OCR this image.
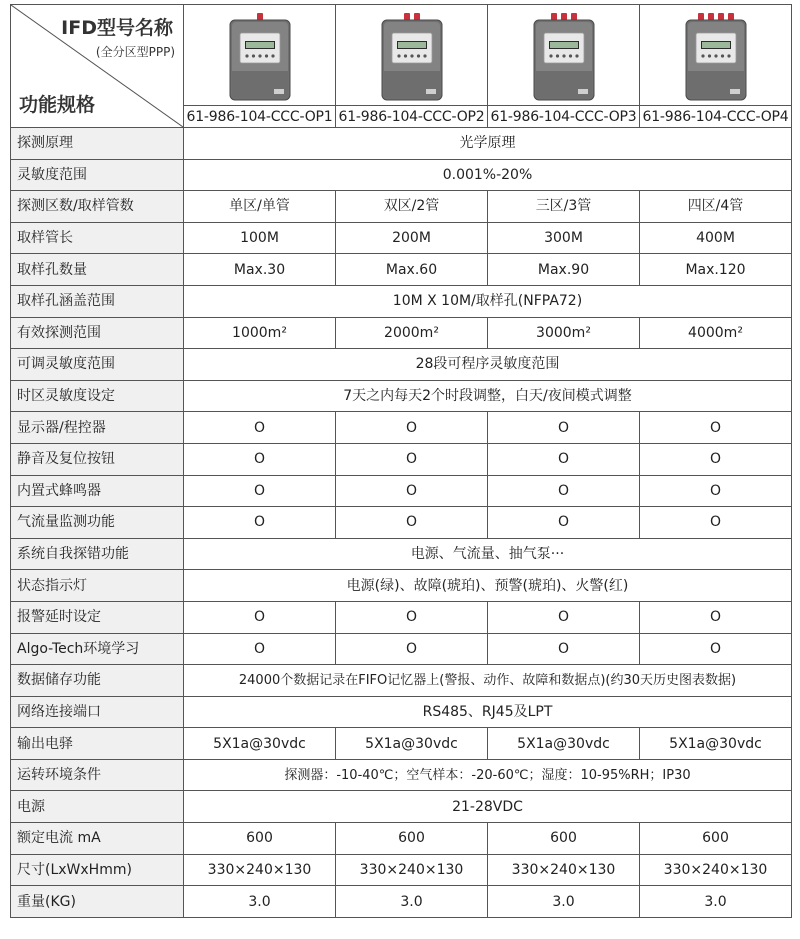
IFD型号名称
(全分区型PPP)
功能规格

	61-986-104-CCC-OP1	61-986-104-CCC-OP2	61-986-104-CCC-OP3	61-986-104-CCC-OP4
探测原理	光学原理			
灵敏度范围	0.001%-20%			
探测区数/取样管数	单区/单管	双区/2管	三区/3管	四区/4管
取样管长	100M	200M	300M	400M
取样孔数量	Max.30	Max.60	Max.90	Max.120
取样孔涵盖范围	10M X 10M/取样孔(NFPA72)			
有效探测范围	1000m²	2000m²	3000m²	4000m²
可调灵敏度范围	28段可程序灵敏度范围			
时区灵敏度设定	7天之内每天2个时段调整，白天/夜间模式调整			
显示器/程控器	O	O	O	O
静音及复位按钮	O	O	O	O
内置式蜂鸣器	O	O	O	O
气流量监测功能	O	O	O	O
系统自我探错功能	电源、气流量、抽气泵···			
状态指示灯	电源(绿)、故障(琥珀)、预警(琥珀)、火警(红)			
报警延时设定	O	O	O	O
Algo-Tech环境学习	O	O	O	O
数据储存功能	24000个数据记录在FIFO记忆器上(警报、动作、故障和数据点)(约30天历史图表数据)			
网络连接端口	RS485、RJ45及LPT			
输出电驿	5X1a@30vdc	5X1a@30vdc	5X1a@30vdc	5X1a@30vdc
运转环境条件	探测器：-10-40℃；空气样本：-20-60℃；湿度：10-95%RH；IP30			
电源	21-28VDC			
额定电流 mA	600	600	600	600
尺寸(LxWxHmm)	330×240×130	330×240×130	330×240×130	330×240×130
重量(KG)	3.0	3.0	3.0	3.0
